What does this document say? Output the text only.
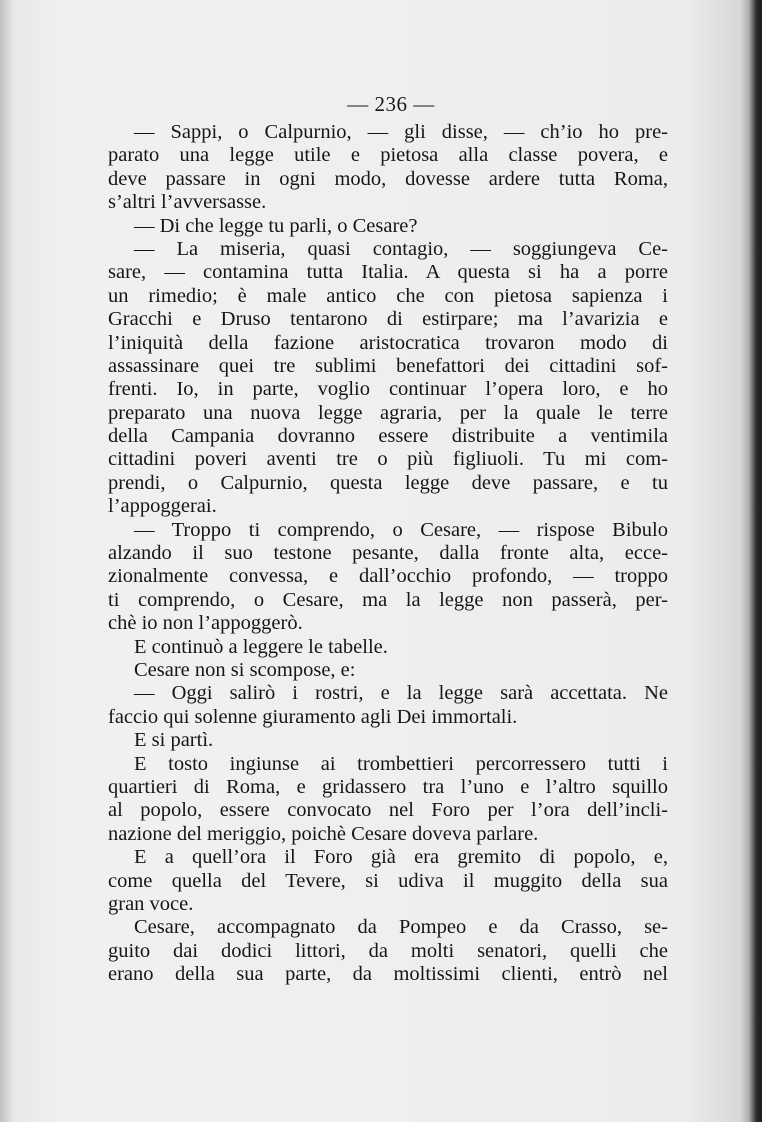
— 236 —
— Sappi, o Calpurnio, — gli disse, — ch’io ho pre-
parato una legge utile e pietosa alla classe povera, e
deve passare in ogni modo, dovesse ardere tutta Roma,
s’altri l’avversasse.
— Di che legge tu parli, o Cesare?
— La miseria, quasi contagio, — soggiungeva Ce-
sare, — contamina tutta Italia. A questa si ha a porre
un rimedio; è male antico che con pietosa sapienza i
Gracchi e Druso tentarono di estirpare; ma l’avarizia e
l’iniquità della fazione aristocratica trovaron modo di
assassinare quei tre sublimi benefattori dei cittadini sof-
frenti. Io, in parte, voglio continuar l’opera loro, e ho
preparato una nuova legge agraria, per la quale le terre
della Campania dovranno essere distribuite a ventimila
cittadini poveri aventi tre o più figliuoli. Tu mi com-
prendi, o Calpurnio, questa legge deve passare, e tu
l’appoggerai.
— Troppo ti comprendo, o Cesare, — rispose Bibulo
alzando il suo testone pesante, dalla fronte alta, ecce-
zionalmente convessa, e dall’occhio profondo, — troppo
ti comprendo, o Cesare, ma la legge non passerà, per-
chè io non l’appoggerò.
E continuò a leggere le tabelle.
Cesare non si scompose, e:
— Oggi salirò i rostri, e la legge sarà accettata. Ne
faccio qui solenne giuramento agli Dei immortali.
E si partì.
E tosto ingiunse ai trombettieri percorressero tutti i
quartieri di Roma, e gridassero tra l’uno e l’altro squillo
al popolo, essere convocato nel Foro per l’ora dell’incli-
nazione del meriggio, poichè Cesare doveva parlare.
E a quell’ora il Foro già era gremito di popolo, e,
come quella del Tevere, si udiva il muggito della sua
gran voce.
Cesare, accompagnato da Pompeo e da Crasso, se-
guito dai dodici littori, da molti senatori, quelli che
erano della sua parte, da moltissimi clienti, entrò nel
